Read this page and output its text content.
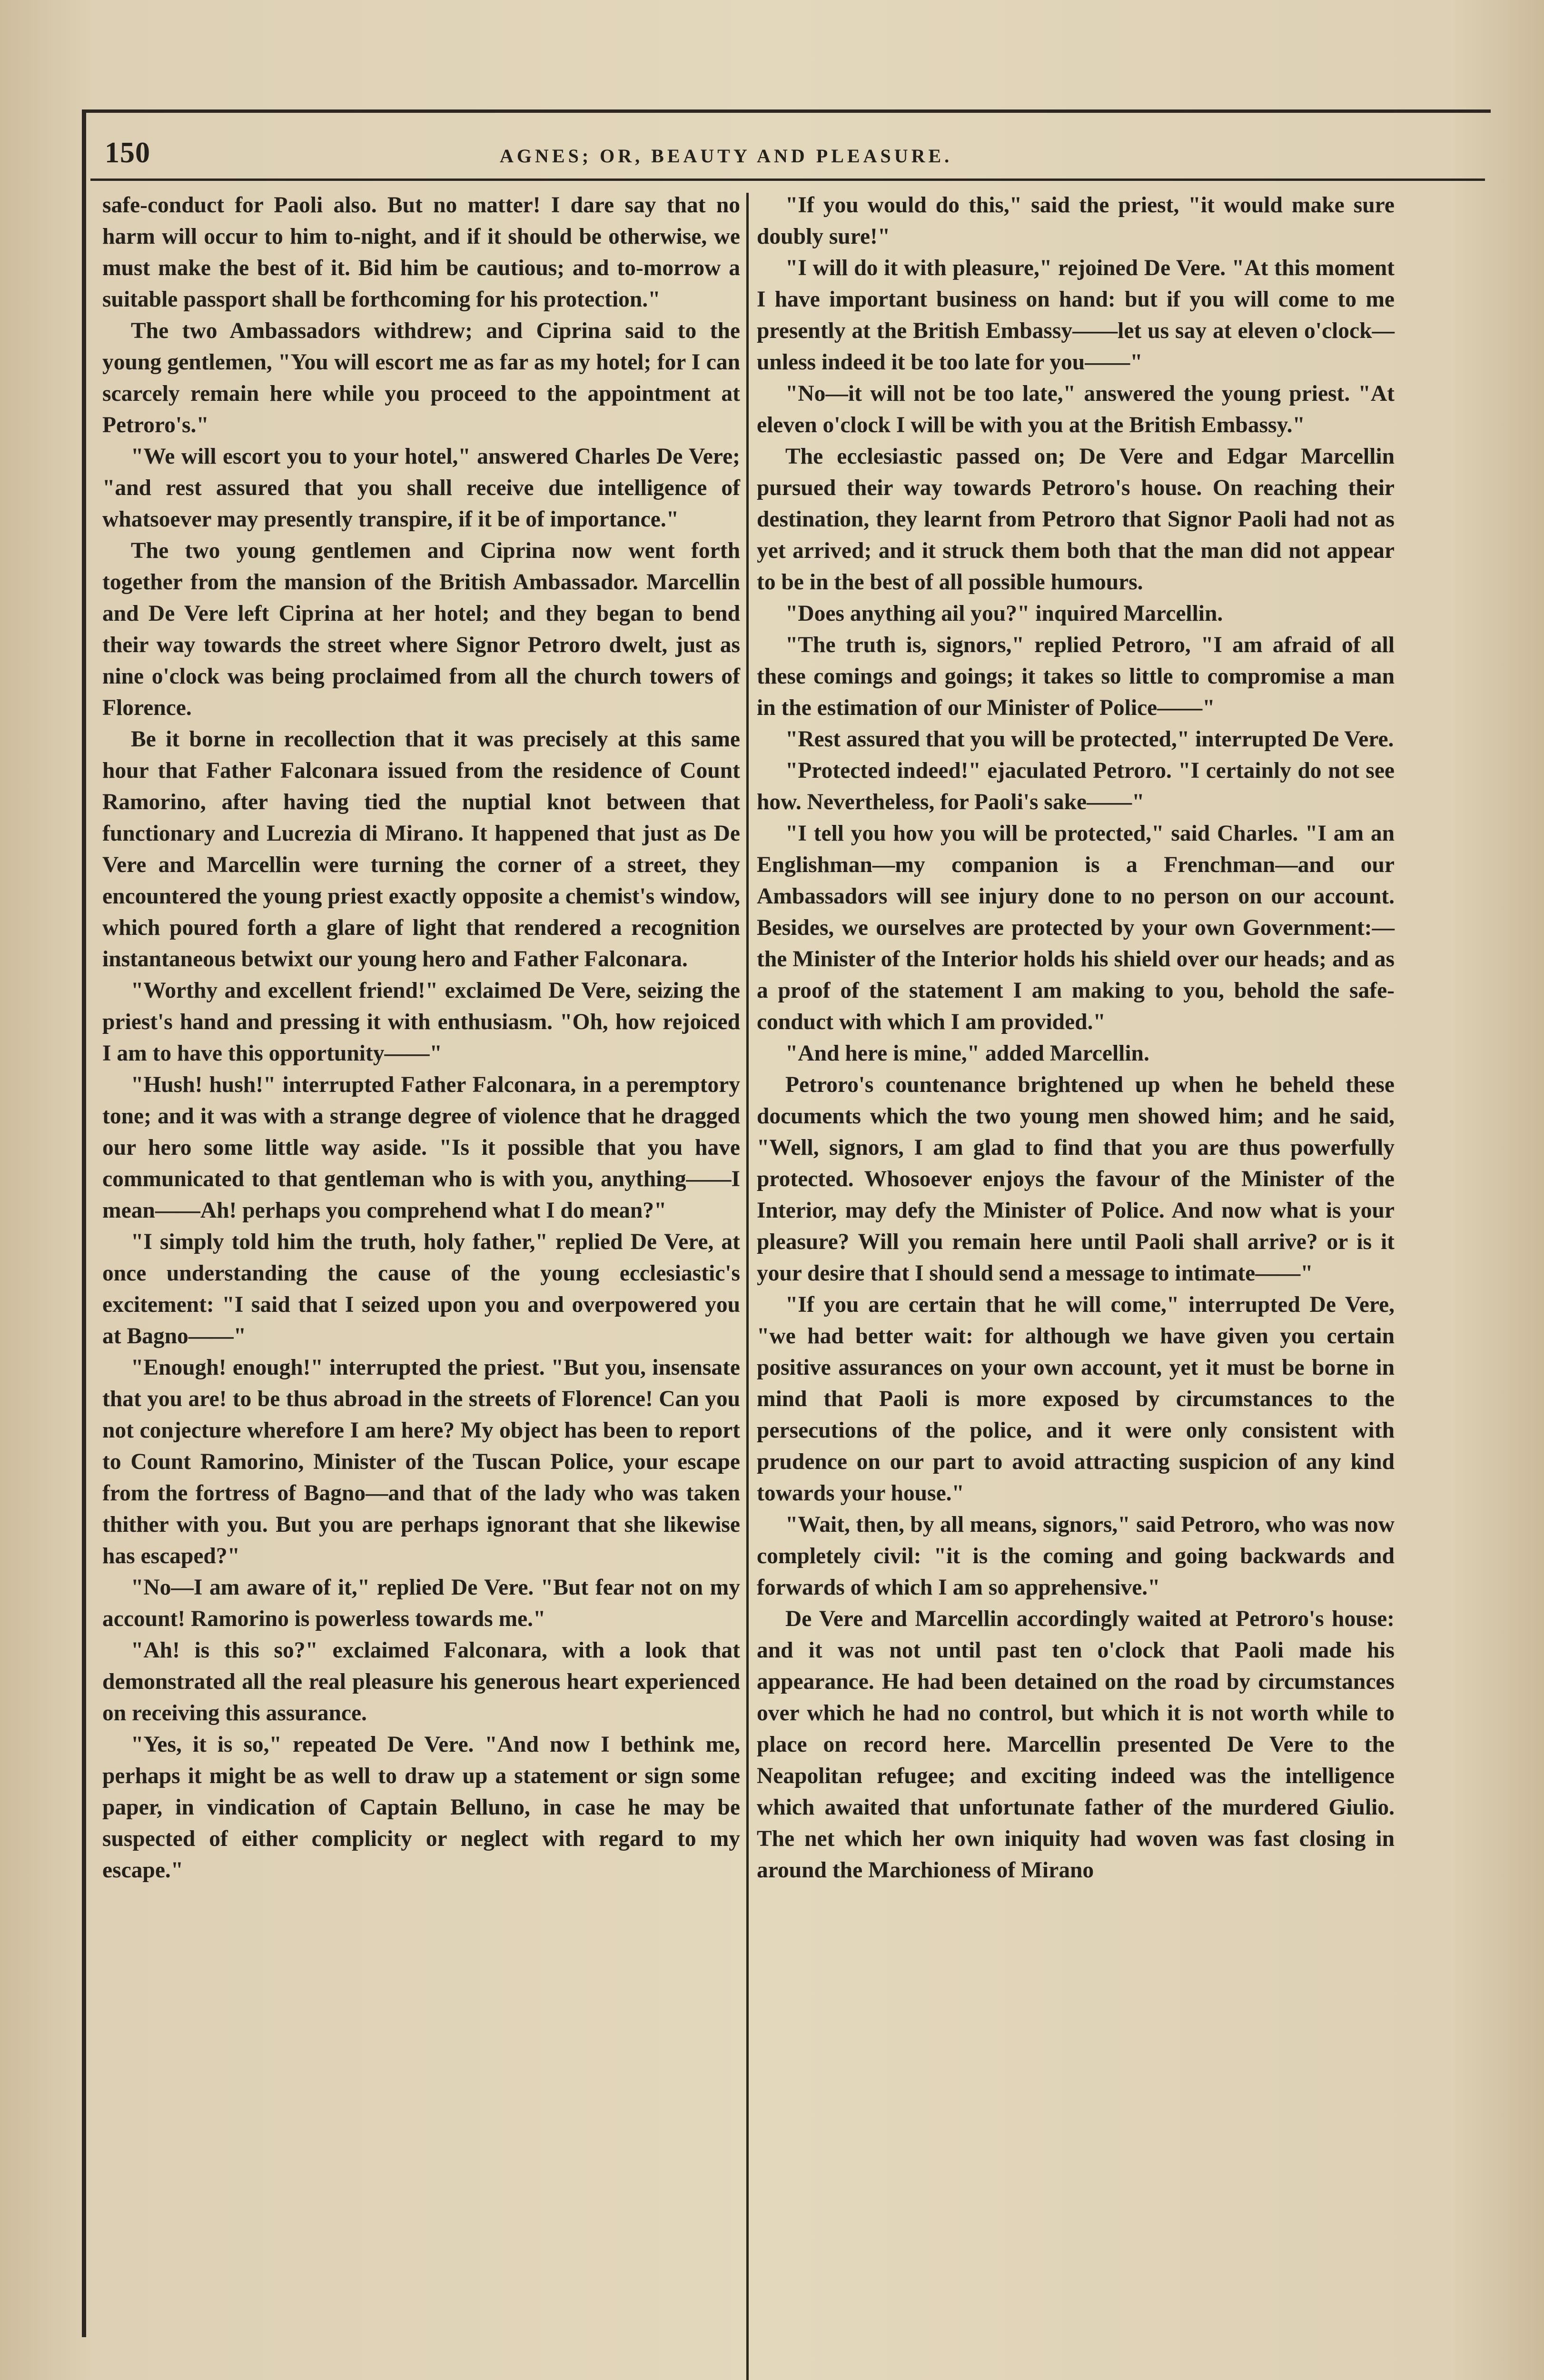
150	AGNES; OR, BEAUTY AND PLEASURE.

safe-conduct for Paoli also. But no matter! I dare say that no harm will occur to him to-night, and if it should be otherwise, we must make the best of it. Bid him be cautious; and to-morrow a suitable passport shall be forthcoming for his protection."

The two Ambassadors withdrew; and Ciprina said to the young gentlemen, "You will escort me as far as my hotel; for I can scarcely remain here while you proceed to the appointment at Petroro's."

"We will escort you to your hotel," answered Charles De Vere; "and rest assured that you shall receive due intelligence of whatsoever may presently transpire, if it be of importance."

The two young gentlemen and Ciprina now went forth together from the mansion of the British Ambassador. Marcellin and De Vere left Ciprina at her hotel; and they began to bend their way towards the street where Signor Petroro dwelt, just as nine o'clock was being proclaimed from all the church towers of Florence.

Be it borne in recollection that it was precisely at this same hour that Father Falconara issued from the residence of Count Ramorino, after having tied the nuptial knot between that functionary and Lucrezia di Mirano. It happened that just as De Vere and Marcellin were turning the corner of a street, they encountered the young priest exactly opposite a chemist's window, which poured forth a glare of light that rendered a recognition instantaneous betwixt our young hero and Father Falconara.

"Worthy and excellent friend!" exclaimed De Vere, seizing the priest's hand and pressing it with enthusiasm. "Oh, how rejoiced I am to have this opportunity——"

"Hush! hush!" interrupted Father Falconara, in a peremptory tone; and it was with a strange degree of violence that he dragged our hero some little way aside. "Is it possible that you have communicated to that gentleman who is with you, anything——I mean——Ah! perhaps you comprehend what I do mean?"

"I simply told him the truth, holy father," replied De Vere, at once understanding the cause of the young ecclesiastic's excitement: "I said that I seized upon you and overpowered you at Bagno——"

"Enough! enough!" interrupted the priest. "But you, insensate that you are! to be thus abroad in the streets of Florence! Can you not conjecture wherefore I am here? My object has been to report to Count Ramorino, Minister of the Tuscan Police, your escape from the fortress of Bagno—and that of the lady who was taken thither with you. But you are perhaps ignorant that she likewise has escaped?"

"No—I am aware of it," replied De Vere. "But fear not on my account! Ramorino is powerless towards me."

"Ah! is this so?" exclaimed Falconara, with a look that demonstrated all the real pleasure his generous heart experienced on receiving this assurance.

"Yes, it is so," repeated De Vere. "And now I bethink me, perhaps it might be as well to draw up a statement or sign some paper, in vindication of Captain Belluno, in case he may be suspected of either complicity or neglect with regard to my escape."

"If you would do this," said the priest, "it would make sure doubly sure!"

"I will do it with pleasure," rejoined De Vere. "At this moment I have important business on hand: but if you will come to me presently at the British Embassy——let us say at eleven o'clock—unless indeed it be too late for you——"

"No—it will not be too late," answered the young priest. "At eleven o'clock I will be with you at the British Embassy."

The ecclesiastic passed on; De Vere and Edgar Marcellin pursued their way towards Petroro's house. On reaching their destination, they learnt from Petroro that Signor Paoli had not as yet arrived; and it struck them both that the man did not appear to be in the best of all possible humours.

"Does anything ail you?" inquired Marcellin.

"The truth is, signors," replied Petroro, "I am afraid of all these comings and goings; it takes so little to compromise a man in the estimation of our Minister of Police——"

"Rest assured that you will be protected," interrupted De Vere.

"Protected indeed!" ejaculated Petroro. "I certainly do not see how. Nevertheless, for Paoli's sake——"

"I tell you how you will be protected," said Charles. "I am an Englishman—my companion is a Frenchman—and our Ambassadors will see injury done to no person on our account. Besides, we ourselves are protected by your own Government:—the Minister of the Interior holds his shield over our heads; and as a proof of the statement I am making to you, behold the safe-conduct with which I am provided."

"And here is mine," added Marcellin.

Petroro's countenance brightened up when he beheld these documents which the two young men showed him; and he said, "Well, signors, I am glad to find that you are thus powerfully protected. Whosoever enjoys the favour of the Minister of the Interior, may defy the Minister of Police. And now what is your pleasure? Will you remain here until Paoli shall arrive? or is it your desire that I should send a message to intimate——"

"If you are certain that he will come," interrupted De Vere, "we had better wait: for although we have given you certain positive assurances on your own account, yet it must be borne in mind that Paoli is more exposed by circumstances to the persecutions of the police, and it were only consistent with prudence on our part to avoid attracting suspicion of any kind towards your house."

"Wait, then, by all means, signors," said Petroro, who was now completely civil: "it is the coming and going backwards and forwards of which I am so apprehensive."

De Vere and Marcellin accordingly waited at Petroro's house: and it was not until past ten o'clock that Paoli made his appearance. He had been detained on the road by circumstances over which he had no control, but which it is not worth while to place on record here. Marcellin presented De Vere to the Neapolitan refugee; and exciting indeed was the intelligence which awaited that unfortunate father of the murdered Giulio. The net which her own iniquity had woven was fast closing in around the Marchioness of Mirano
